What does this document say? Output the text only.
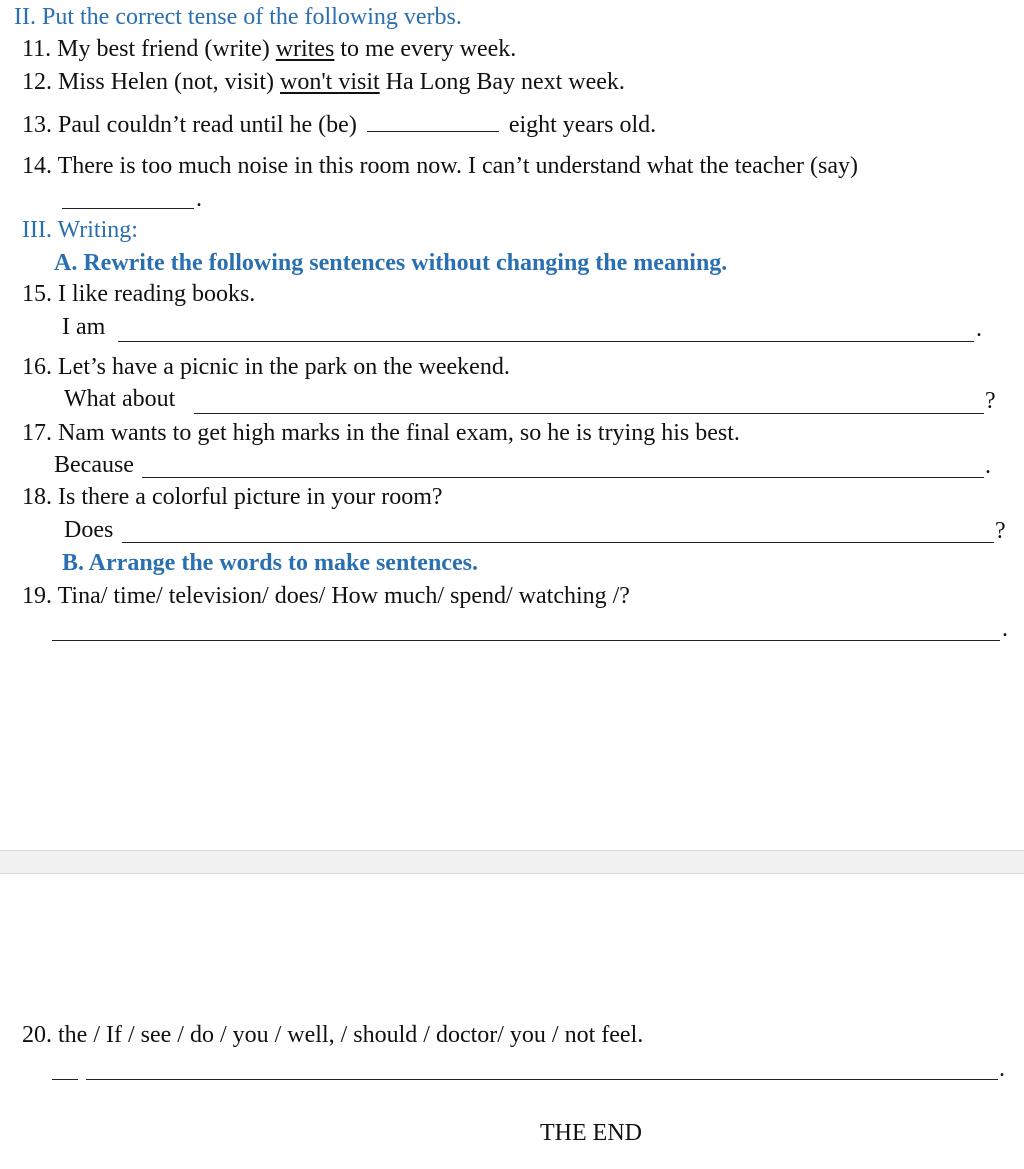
II. Put the correct tense of the following verbs.
11. My best friend (write) writes to me every week.
12. Miss Helen (not, visit) won't visit Ha Long Bay next week.
13. Paul couldn’t read until he (be)	eight years old.
14. There is too much noise in this room now. I can’t understand what the teacher (say)
.
III. Writing:
A. Rewrite the following sentences without changing the meaning.
15. I like reading books.
I am	.
16. Let’s have a picnic in the park on the weekend.
What about	?
17. Nam wants to get high marks in the final exam, so he is trying his best.
Because	.
18. Is there a colorful picture in your room?
Does	?
B. Arrange the words to make sentences.
19. Tina/ time/ television/ does/ How much/ spend/ watching /?
.
20. the / If / see / do / you / well, / should / doctor/ you / not feel.
.
THE END
